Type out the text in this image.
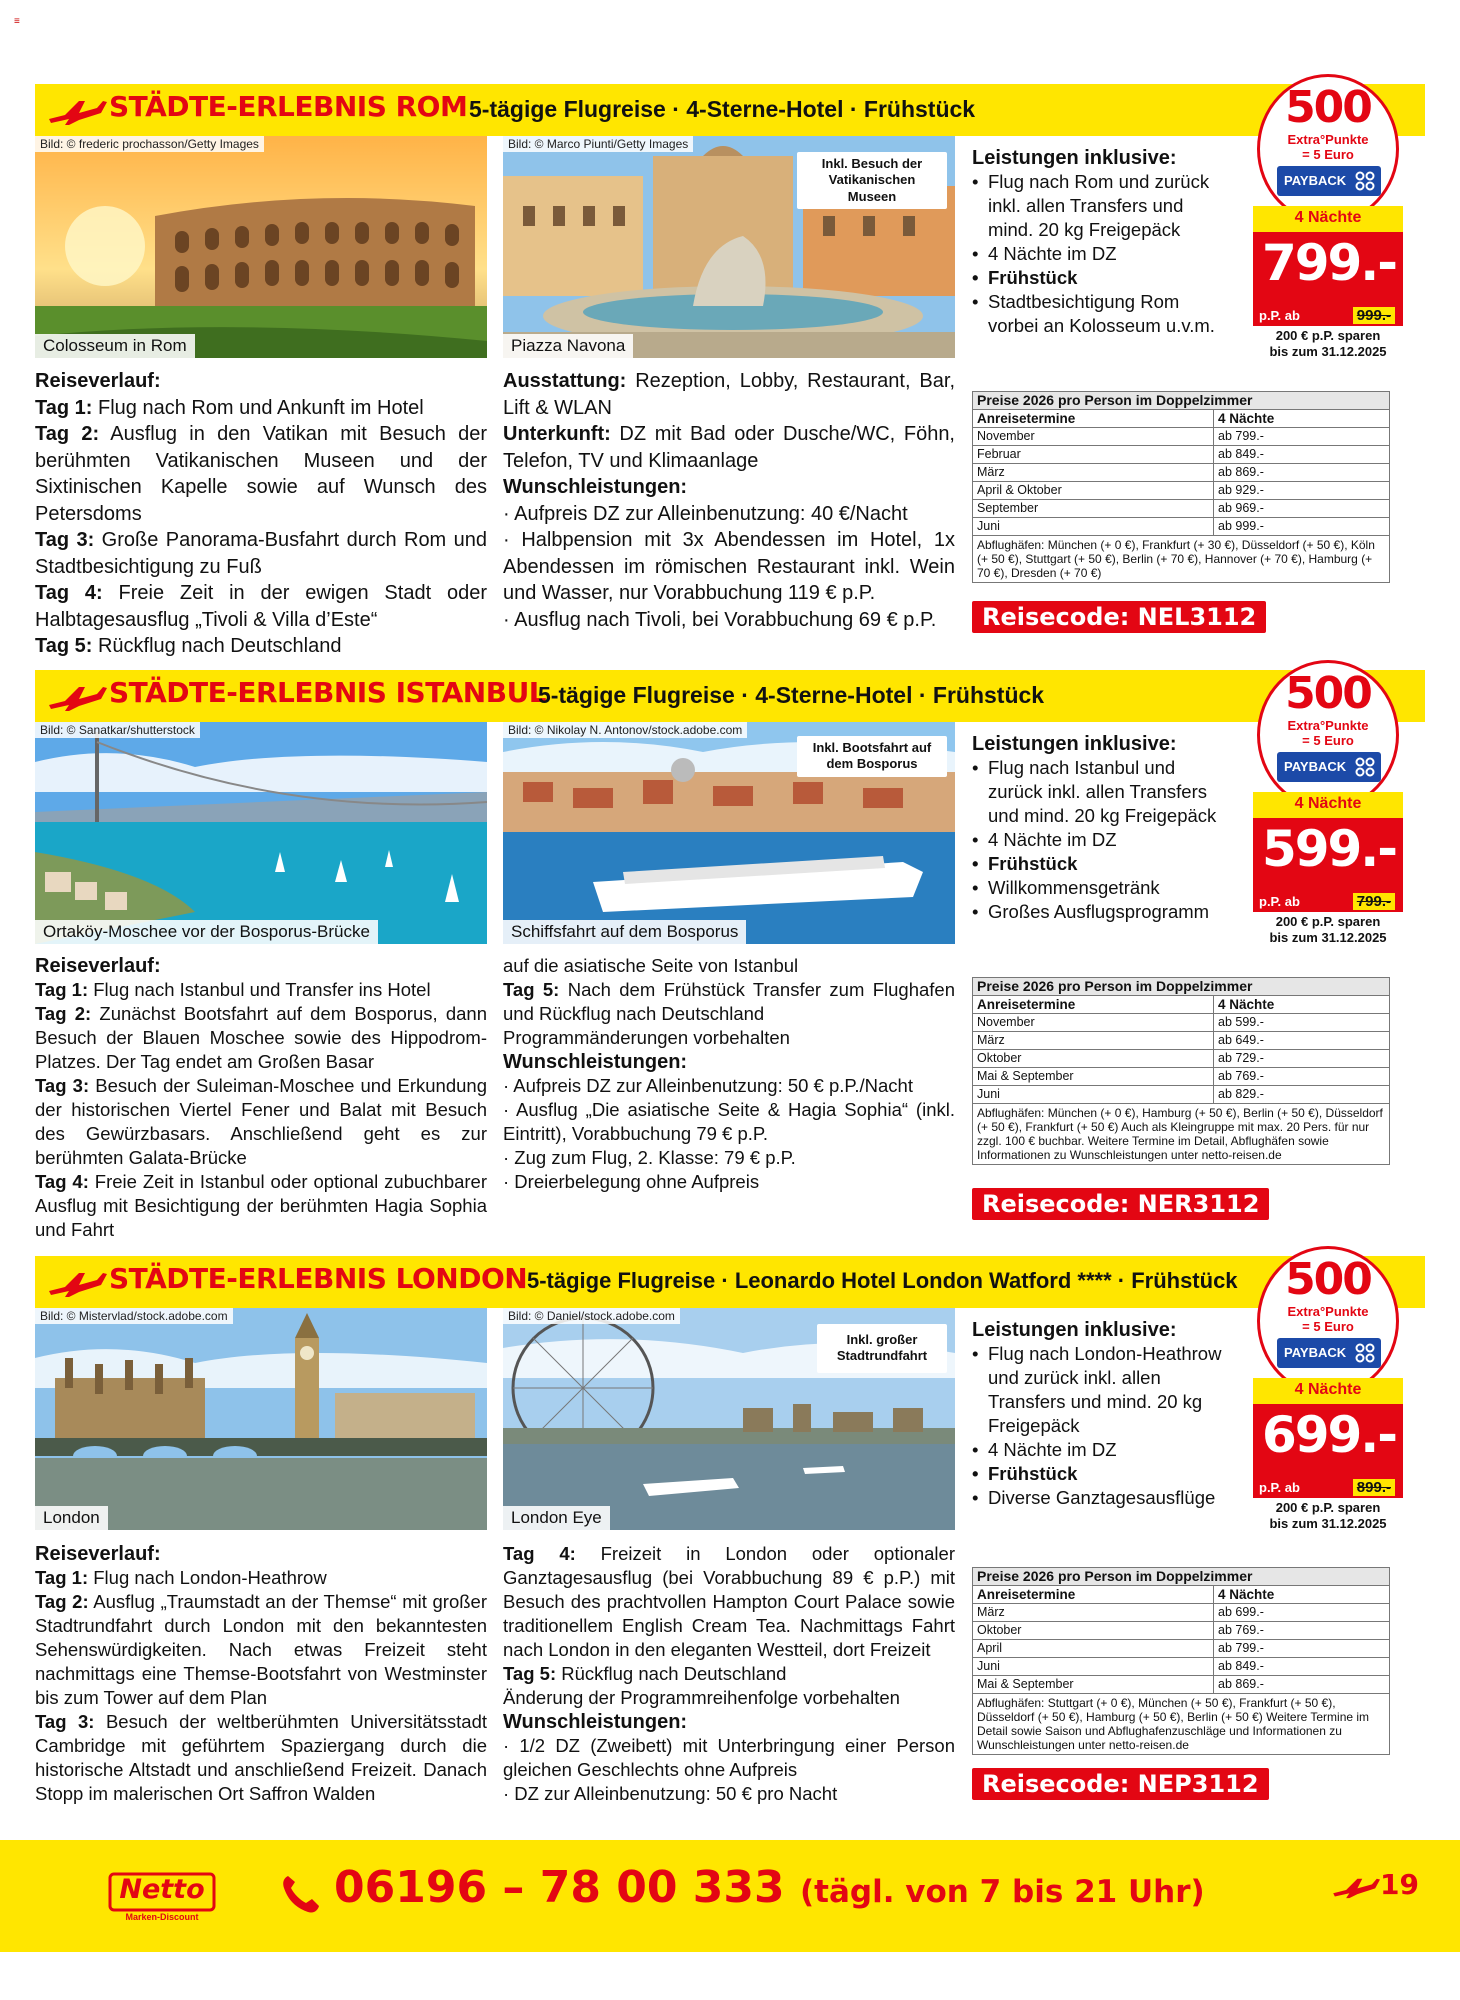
≡
STÄDTE-ERLEBNIS ROM 5-tägige Flugreise · 4-Sterne-Hotel · Frühstück
Bild: © frederic prochasson/Getty Images
Colosseum in Rom
Bild: © Marco Piunti/Getty Images
Inkl. Besuch der Vatikanischen Museen
Piazza Navona

Reiseverlauf:

Tag 1: Flug nach Rom und Ankunft im Hotel

Tag 2: Ausflug in den Vatikan mit Besuch der berühmten Vatikanischen Museen und der Sixtinischen Kapelle sowie auf Wunsch des Petersdoms

Tag 3: Große Panorama-Busfahrt durch Rom und Stadtbesichtigung zu Fuß

Tag 4: Freie Zeit in der ewigen Stadt oder Halbtagesausflug „Tivoli & Villa d’Este“

Tag 5: Rückflug nach Deutschland

Ausstattung: Rezeption, Lobby, Restaurant, Bar, Lift & WLAN

Unterkunft: DZ mit Bad oder Dusche/WC, Föhn, Telefon, TV und Klimaanlage

Wunschleistungen:

· Aufpreis DZ zur Alleinbenutzung: 40 €/Nacht

· Halbpension mit 3x Abendessen im Hotel, 1x Abendessen im römischen Restaurant inkl. Wein und Wasser, nur Vorabbuchung 119 € p.P.

· Ausflug nach Tivoli, bei Vorabbuchung 69 € p.P.

Leistungen inklusive:
• Flug nach Rom und zurück inkl. allen Transfers und mind. 20 kg Freigepäck
• 4 Nächte im DZ
• Frühstück
• Stadtbesichtigung Rom vorbei an Kolosseum u.v.m.
500
Extra°Punkte
= 5 Euro
PAYBACK
4 Nächte
799.-
p.P. ab	999.-
200 € p.P. sparen
bis zum 31.12.2025
Preise 2026 pro Person im Doppelzimmer	
Anreisetermine	4 Nächte
November	ab 799.-
Februar	ab 849.-
März	ab 869.-
April & Oktober	ab 929.-
September	ab 969.-
Juni	ab 999.-
Abflughäfen: München (+ 0 €), Frankfurt (+ 30 €), Düsseldorf (+ 50 €), Köln (+ 50 €), Stuttgart (+ 50 €), Berlin (+ 70 €), Hannover (+ 70 €), Hamburg (+ 70 €), Dresden (+ 70 €)	
Reisecode: NEL3112
STÄDTE-ERLEBNIS ISTANBUL
5-tägige Flugreise · 4-Sterne-Hotel · Frühstück
Bild: © Sanatkar/shutterstock
Ortaköy-Moschee vor der Bosporus-Brücke
Bild: © Nikolay N. Antonov/stock.adobe.com
Inkl. Bootsfahrt auf dem Bosporus
Schiffsfahrt auf dem Bosporus

Reiseverlauf:

Tag 1: Flug nach Istanbul und Transfer ins Hotel

Tag 2: Zunächst Bootsfahrt auf dem Bosporus, dann Besuch der Blauen Moschee sowie des Hippodrom-Platzes. Der Tag endet am Großen Basar

Tag 3: Besuch der Suleiman-Moschee und Erkundung der historischen Viertel Fener und Balat mit Besuch des Gewürzbasars. Anschließend geht es zur berühmten Galata-Brücke

Tag 4: Freie Zeit in Istanbul oder optional zubuchbarer Ausflug mit Besichtigung der berühmten Hagia Sophia und Fahrt

auf die asiatische Seite von Istanbul

Tag 5: Nach dem Frühstück Transfer zum Flughafen und Rückflug nach Deutschland

Programmänderungen vorbehalten

Wunschleistungen:

· Aufpreis DZ zur Alleinbenutzung: 50 € p.P./Nacht

· Ausflug „Die asiatische Seite & Hagia Sophia“ (inkl. Eintritt), Vorabbuchung 79 € p.P.

· Zug zum Flug, 2. Klasse: 79 € p.P.

· Dreierbelegung ohne Aufpreis

Leistungen inklusive:
• Flug nach Istanbul und zurück inkl. allen Transfers und mind. 20 kg Freigepäck
• 4 Nächte im DZ
• Frühstück
• Willkommensgetränk
• Großes Ausflugsprogramm
500
Extra°Punkte
= 5 Euro
PAYBACK
4 Nächte
599.-
p.P. ab	799.-
200 € p.P. sparen
bis zum 31.12.2025
Preise 2026 pro Person im Doppelzimmer	
Anreisetermine	4 Nächte
November	ab 599.-
März	ab 649.-
Oktober	ab 729.-
Mai & September	ab 769.-
Juni	ab 829.-
Abflughäfen: München (+ 0 €), Hamburg (+ 50 €), Berlin (+ 50 €), Düsseldorf (+ 50 €), Frankfurt (+ 50 €) Auch als Kleingruppe mit max. 20 Pers. für nur zzgl. 100 € buchbar. Weitere Termine im Detail, Abflughäfen sowie Informationen zu Wunschleistungen unter netto-reisen.de	
Reisecode: NER3112
STÄDTE-ERLEBNIS LONDON 5-tägige Flugreise · Leonardo Hotel London Watford **** · Frühstück
Bild: © Mistervlad/stock.adobe.com
London
Bild: © Daniel/stock.adobe.com
Inkl. großer Stadtrundfahrt
London Eye

Reiseverlauf:

Tag 1: Flug nach London-Heathrow

Tag 2: Ausflug „Traumstadt an der Themse“ mit großer Stadtrundfahrt durch London mit den bekanntesten Sehenswürdigkeiten. Nach etwas Freizeit steht nachmittags eine Themse-Bootsfahrt von Westminster bis zum Tower auf dem Plan

Tag 3: Besuch der weltberühmten Universitätsstadt Cambridge mit geführtem Spaziergang durch die historische Altstadt und anschließend Freizeit. Danach Stopp im malerischen Ort Saffron Walden

Tag 4: Freizeit in London oder optionaler Ganztagesausflug (bei Vorabbuchung 89 € p.P.) mit Besuch des prachtvollen Hampton Court Palace sowie traditionellem English Cream Tea. Nachmittags Fahrt nach London in den eleganten Westteil, dort Freizeit

Tag 5: Rückflug nach Deutschland

Änderung der Programmreihenfolge vorbehalten

Wunschleistungen:

· 1/2 DZ (Zweibett) mit Unterbringung einer Person gleichen Geschlechts ohne Aufpreis

· DZ zur Alleinbenutzung: 50 € pro Nacht

Leistungen inklusive:
• Flug nach London-Heathrow und zurück inkl. allen Transfers und mind. 20 kg Freigepäck
• 4 Nächte im DZ
• Frühstück
• Diverse Ganztagesausflüge
500
Extra°Punkte
= 5 Euro
PAYBACK
4 Nächte
699.-
p.P. ab	899.-
200 € p.P. sparen
bis zum 31.12.2025
Preise 2026 pro Person im Doppelzimmer	
Anreisetermine	4 Nächte
März	ab 699.-
Oktober	ab 769.-
April	ab 799.-
Juni	ab 849.-
Mai & September	ab 869.-
Abflughäfen: Stuttgart (+ 0 €), München (+ 50 €), Frankfurt (+ 50 €), Düsseldorf (+ 50 €), Hamburg (+ 50 €), Berlin (+ 50 €) Weitere Termine im Detail sowie Saison und Abflughafenzuschläge und Informationen zu Wunschleistungen unter netto-reisen.de	
Reisecode: NEP3112
Netto
Marken-Discount
06196 – 78 00 333 (tägl. von 7 bis 21 Uhr)	19
